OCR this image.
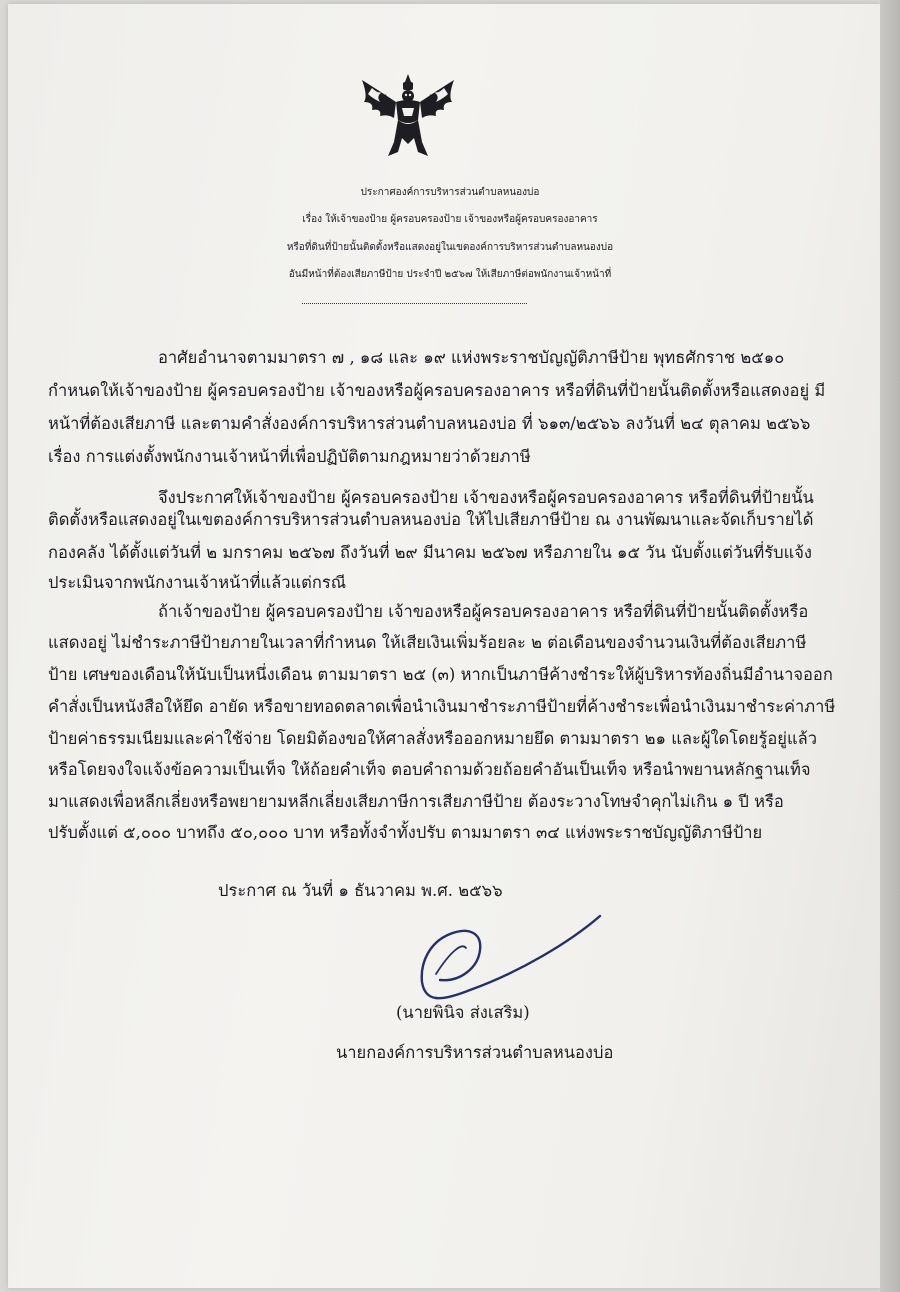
ประกาศองค์การบริหารส่วนตำบลหนองบ่อ
เรื่อง ให้เจ้าของป้าย ผู้ครอบครองป้าย เจ้าของหรือผู้ครอบครองอาคาร
หรือที่ดินที่ป้ายนั้นติดตั้งหรือแสดงอยู่ในเขตองค์การบริหารส่วนตำบลหนองบ่อ
อันมีหน้าที่ต้องเสียภาษีป้าย ประจำปี ๒๕๖๗ ให้เสียภาษีต่อพนักงานเจ้าหน้าที่
อาศัยอำนาจตามมาตรา ๗ , ๑๘ และ ๑๙ แห่งพระราชบัญญัติภาษีป้าย พุทธศักราช ๒๕๑๐
กำหนดให้เจ้าของป้าย ผู้ครอบครองป้าย เจ้าของหรือผู้ครอบครองอาคาร หรือที่ดินที่ป้ายนั้นติดตั้งหรือแสดงอยู่ มี
หน้าที่ต้องเสียภาษี และตามคำสั่งองค์การบริหารส่วนตำบลหนองบ่อ ที่ ๖๑๓/๒๕๖๖ ลงวันที่ ๒๔ ตุลาคม ๒๕๖๖
เรื่อง การแต่งตั้งพนักงานเจ้าหน้าที่เพื่อปฏิบัติตามกฎหมายว่าด้วยภาษี
จึงประกาศให้เจ้าของป้าย ผู้ครอบครองป้าย เจ้าของหรือผู้ครอบครองอาคาร หรือที่ดินที่ป้ายนั้น
ติดตั้งหรือแสดงอยู่ในเขตองค์การบริหารส่วนตำบลหนองบ่อ ให้ไปเสียภาษีป้าย ณ งานพัฒนาและจัดเก็บรายได้
กองคลัง ได้ตั้งแต่วันที่ ๒ มกราคม ๒๕๖๗ ถึงวันที่ ๒๙ มีนาคม ๒๕๖๗ หรือภายใน ๑๕ วัน นับตั้งแต่วันที่รับแจ้ง
ประเมินจากพนักงานเจ้าหน้าที่แล้วแต่กรณี
ถ้าเจ้าของป้าย ผู้ครอบครองป้าย เจ้าของหรือผู้ครอบครองอาคาร หรือที่ดินที่ป้ายนั้นติดตั้งหรือ
แสดงอยู่ ไม่ชำระภาษีป้ายภายในเวลาที่กำหนด ให้เสียเงินเพิ่มร้อยละ ๒ ต่อเดือนของจำนวนเงินที่ต้องเสียภาษี
ป้าย เศษของเดือนให้นับเป็นหนึ่งเดือน ตามมาตรา ๒๕ (๓) หากเป็นภาษีค้างชำระให้ผู้บริหารท้องถิ่นมีอำนาจออก
คำสั่งเป็นหนังสือให้ยึด อายัด หรือขายทอดตลาดเพื่อนำเงินมาชำระภาษีป้ายที่ค้างชำระเพื่อนำเงินมาชำระค่าภาษี
ป้ายค่าธรรมเนียมและค่าใช้จ่าย โดยมิต้องขอให้ศาลสั่งหรือออกหมายยึด ตามมาตรา ๒๑ และผู้ใดโดยรู้อยู่แล้ว
หรือโดยจงใจแจ้งข้อความเป็นเท็จ ให้ถ้อยคำเท็จ ตอบคำถามด้วยถ้อยคำอันเป็นเท็จ หรือนำพยานหลักฐานเท็จ
มาแสดงเพื่อหลีกเลี่ยงหรือพยายามหลีกเลี่ยงเสียภาษีการเสียภาษีป้าย ต้องระวางโทษจำคุกไม่เกิน ๑ ปี หรือ
ปรับตั้งแต่ ๕,๐๐๐ บาทถึง ๕๐,๐๐๐ บาท หรือทั้งจำทั้งปรับ ตามมาตรา ๓๔ แห่งพระราชบัญญัติภาษีป้าย
ประกาศ ณ วันที่ ๑ ธันวาคม พ.ศ. ๒๕๖๖
(นายพินิจ ส่งเสริม)
นายกองค์การบริหารส่วนตำบลหนองบ่อ
